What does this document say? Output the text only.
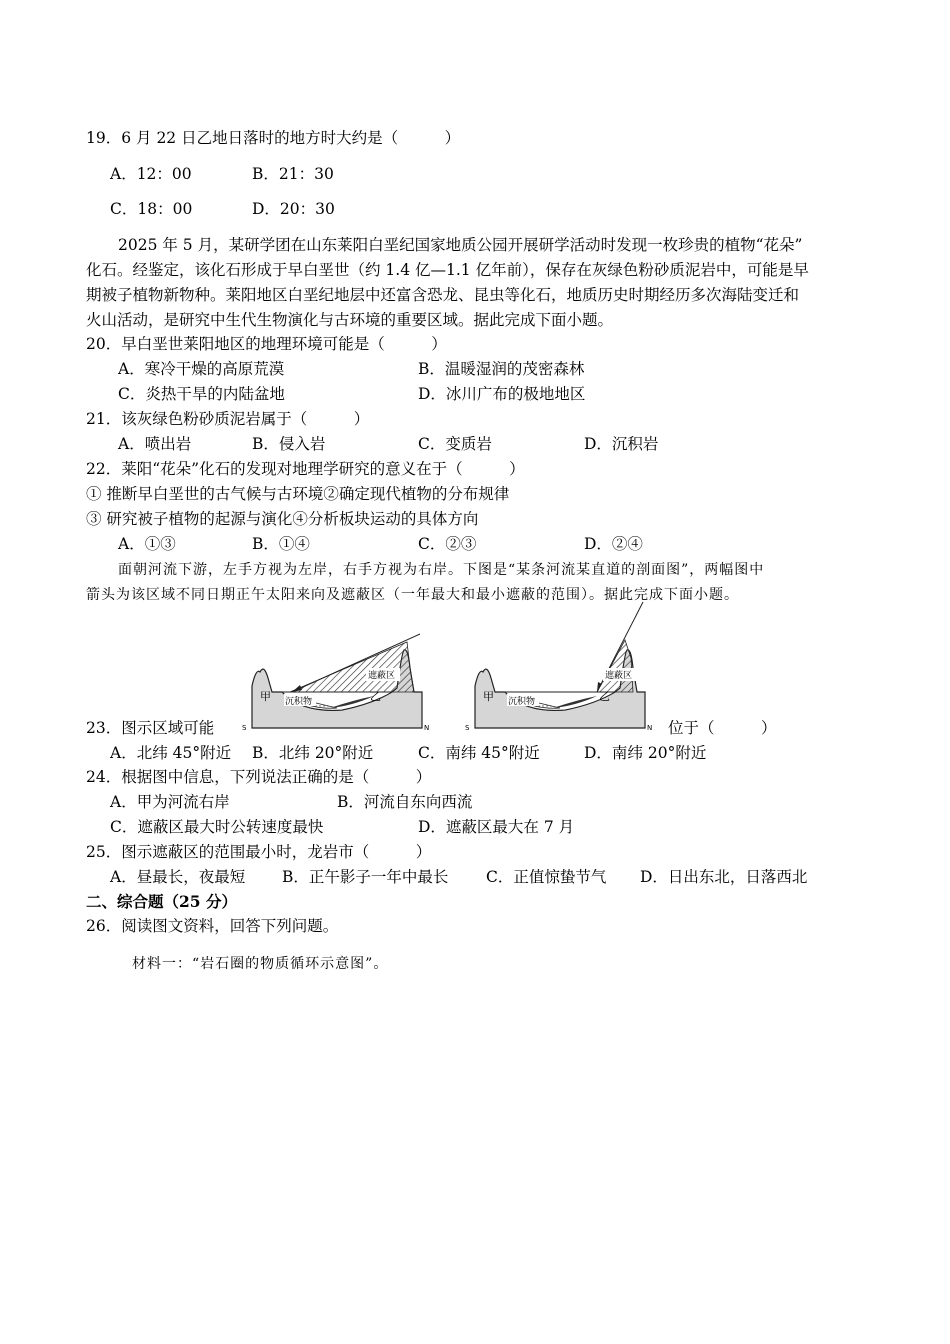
19．6 月 22 日乙地日落时的地方时大约是（　　　）
A．12：00	B．21：30
C．18：00	D．20：30
2025 年 5 月，某研学团在山东莱阳白垩纪国家地质公园开展研学活动时发现一枚珍贵的植物“花朵”
化石。经鉴定，该化石形成于早白垩世（约 1.4 亿—1.1 亿年前），保存在灰绿色粉砂质泥岩中，可能是早
期被子植物新物种。莱阳地区白垩纪地层中还富含恐龙、昆虫等化石，地质历史时期经历多次海陆变迁和
火山活动，是研究中生代生物演化与古环境的重要区域。据此完成下面小题。
20．早白垩世莱阳地区的地理环境可能是（　　　）
A．寒冷干燥的高原荒漠	B．温暖湿润的茂密森林
C．炎热干旱的内陆盆地	D．冰川广布的极地地区
21．该灰绿色粉砂质泥岩属于（　　　）
A．喷出岩	B．侵入岩	C．变质岩	D．沉积岩
22．莱阳“花朵”化石的发现对地理学研究的意义在于（　　　）
① 推断早白垩世的古气候与古环境②确定现代植物的分布规律
③ 研究被子植物的起源与演化④分析板块运动的具体方向
A．①③	B．①④	C．②③	D．②④
面朝河流下游，左手方视为左岸，右手方视为右岸。下图是“某条河流某直道的剖面图”，两幅图中
箭头为该区域不同日期正午太阳来向及遮蔽区（一年最大和最小遮蔽的范围）。据此完成下面小题。
遮蔽区
沉积物
甲	乙
S	N
遮蔽区
沉积物
甲	乙
S	N
23．图示区域可能	位于（　　　）
A．北纬 45°附近 B．北纬 20°附近	C．南纬 45°附近	D．南纬 20°附近
24．根据图中信息，下列说法正确的是（　　　）
A．甲为河流右岸	B．河流自东向西流
C．遮蔽区最大时公转速度最快	D．遮蔽区最大在 7 月
25．图示遮蔽区的范围最小时，龙岩市（　　　）
A．昼最长，夜最短 B．正午影子一年中最长 C．正值惊蛰节气 D．日出东北，日落西北
二、综合题（25 分）
26．阅读图文资料，回答下列问题。
材料一：“岩石圈的物质循环示意图”。
